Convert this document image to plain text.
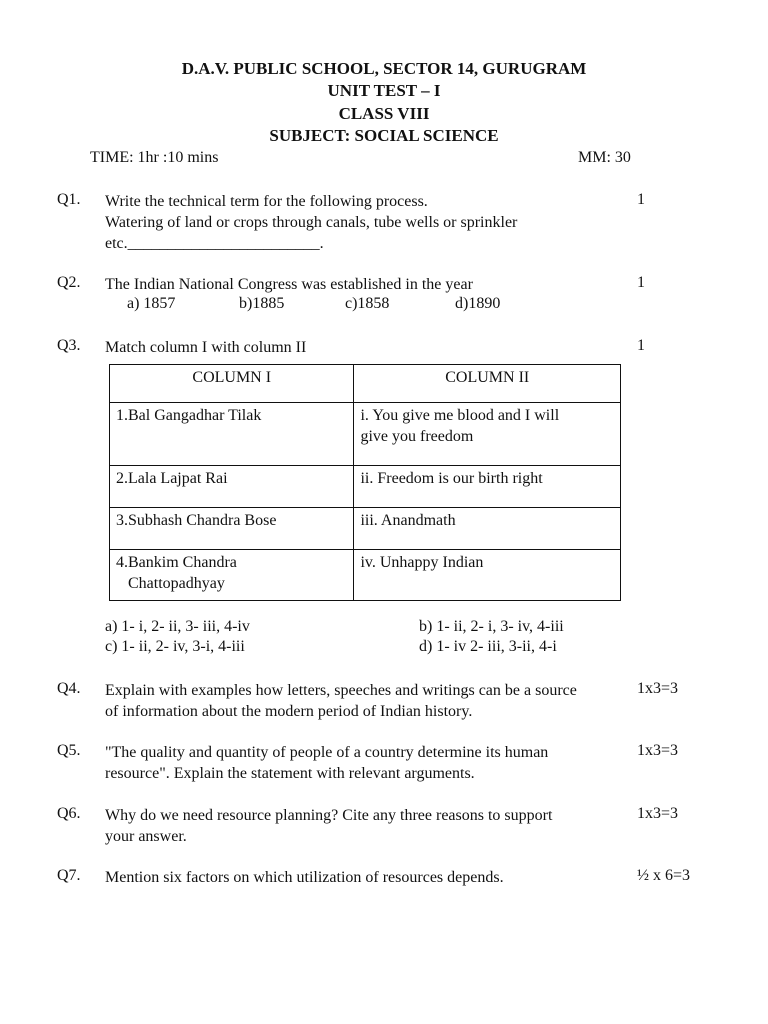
D.A.V. PUBLIC SCHOOL, SECTOR 14, GURUGRAM
UNIT TEST – I
CLASS VIII
SUBJECT: SOCIAL SCIENCE
TIME: 1hr :10 mins	MM: 30
Q1. Write the technical term for the following process.
Watering of land or crops through canals, tube wells or sprinkler
etc.________________________.
1
Q2. The Indian National Congress was established in the year	1
a) 1857	b)1885	c)1858	d)1890
Q3. Match column I with column II	1
COLUMN I	COLUMN II
1.Bal Gangadhar Tilak	i. You give me blood and I will
give you freedom

2.Lala Lajpat Rai	ii. Freedom is our birth right
3.Subhash Chandra Bose	iii. Anandmath

4.Bankim Chandra
Chattopadhyay	iv. Unhappy Indian
a) 1- i, 2- ii, 3- iii, 4-iv	b) 1- ii, 2- i, 3- iv, 4-iii
c) 1- ii, 2- iv, 3-i, 4-iii	d) 1- iv 2- iii, 3-ii, 4-i
Q4. Explain with examples how letters, speeches and writings can be a source
of information about the modern period of Indian history.
1x3=3
Q5. "The quality and quantity of people of a country determine its human
resource". Explain the statement with relevant arguments.
1x3=3
Q6. Why do we need resource planning? Cite any three reasons to support
your answer.
1x3=3
Q7. Mention six factors on which utilization of resources depends.	½ x 6=3
